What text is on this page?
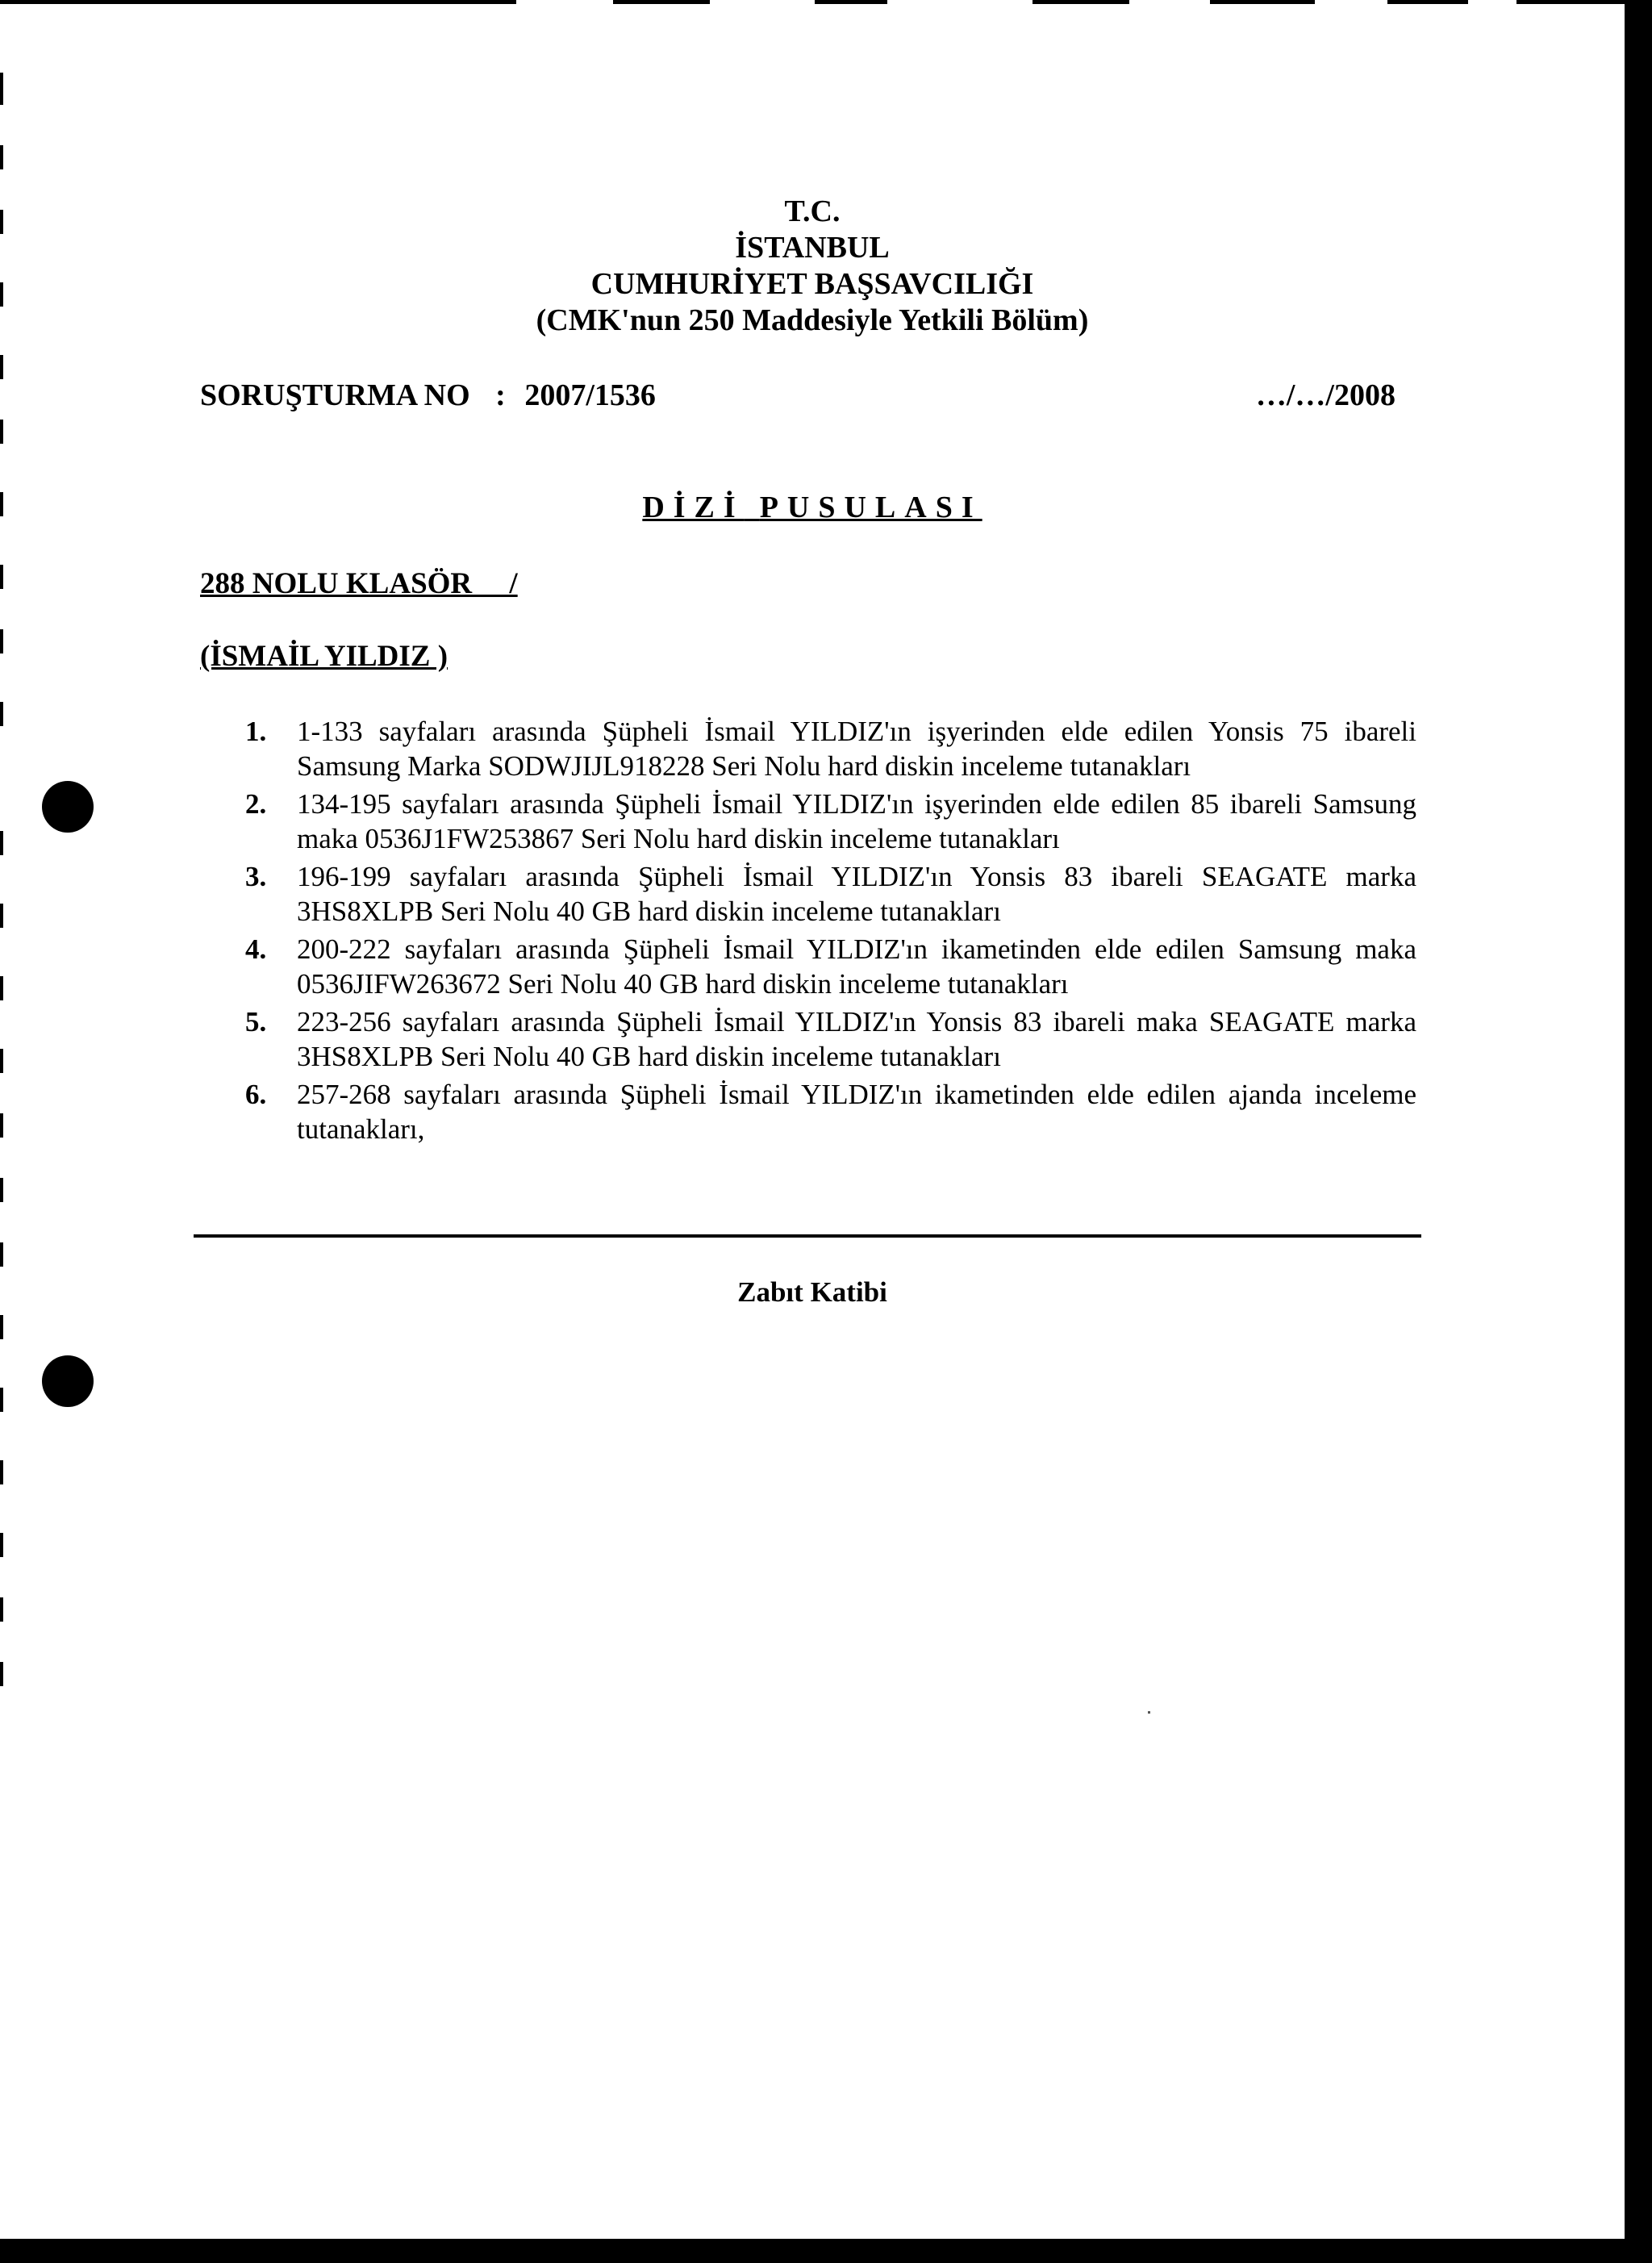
T.C.
İSTANBUL
CUMHURİYET BAŞSAVCILIĞI
(CMK'nun 250 Maddesiyle Yetkili Bölüm)
SORUŞTURMA NO : 2007/1536	…/…/2008
DİZİ PUSULASI
288 NOLU KLASÖR     /
(İSMAİL YILDIZ )
1. 1-133 sayfaları arasında Şüpheli İsmail YILDIZ'ın işyerinden elde edilen Yonsis 75 ibareli Samsung Marka SODWJIJL918228 Seri Nolu hard diskin inceleme tutanakları
2. 134-195 sayfaları arasında Şüpheli İsmail YILDIZ'ın işyerinden elde edilen 85 ibareli Samsung maka 0536J1FW253867 Seri Nolu hard diskin inceleme tutanakları
3. 196-199 sayfaları arasında Şüpheli İsmail YILDIZ'ın Yonsis 83 ibareli SEAGATE marka 3HS8XLPB Seri Nolu 40 GB hard diskin inceleme tutanakları
4. 200-222 sayfaları arasında Şüpheli İsmail YILDIZ'ın ikametinden elde edilen Samsung maka 0536JIFW263672 Seri Nolu 40 GB hard diskin inceleme tutanakları
5. 223-256 sayfaları arasında Şüpheli İsmail YILDIZ'ın Yonsis 83 ibareli maka SEAGATE marka 3HS8XLPB Seri Nolu 40 GB hard diskin inceleme tutanakları
6. 257-268 sayfaları arasında Şüpheli İsmail YILDIZ'ın ikametinden elde edilen ajanda inceleme tutanakları,
Zabıt Katibi
